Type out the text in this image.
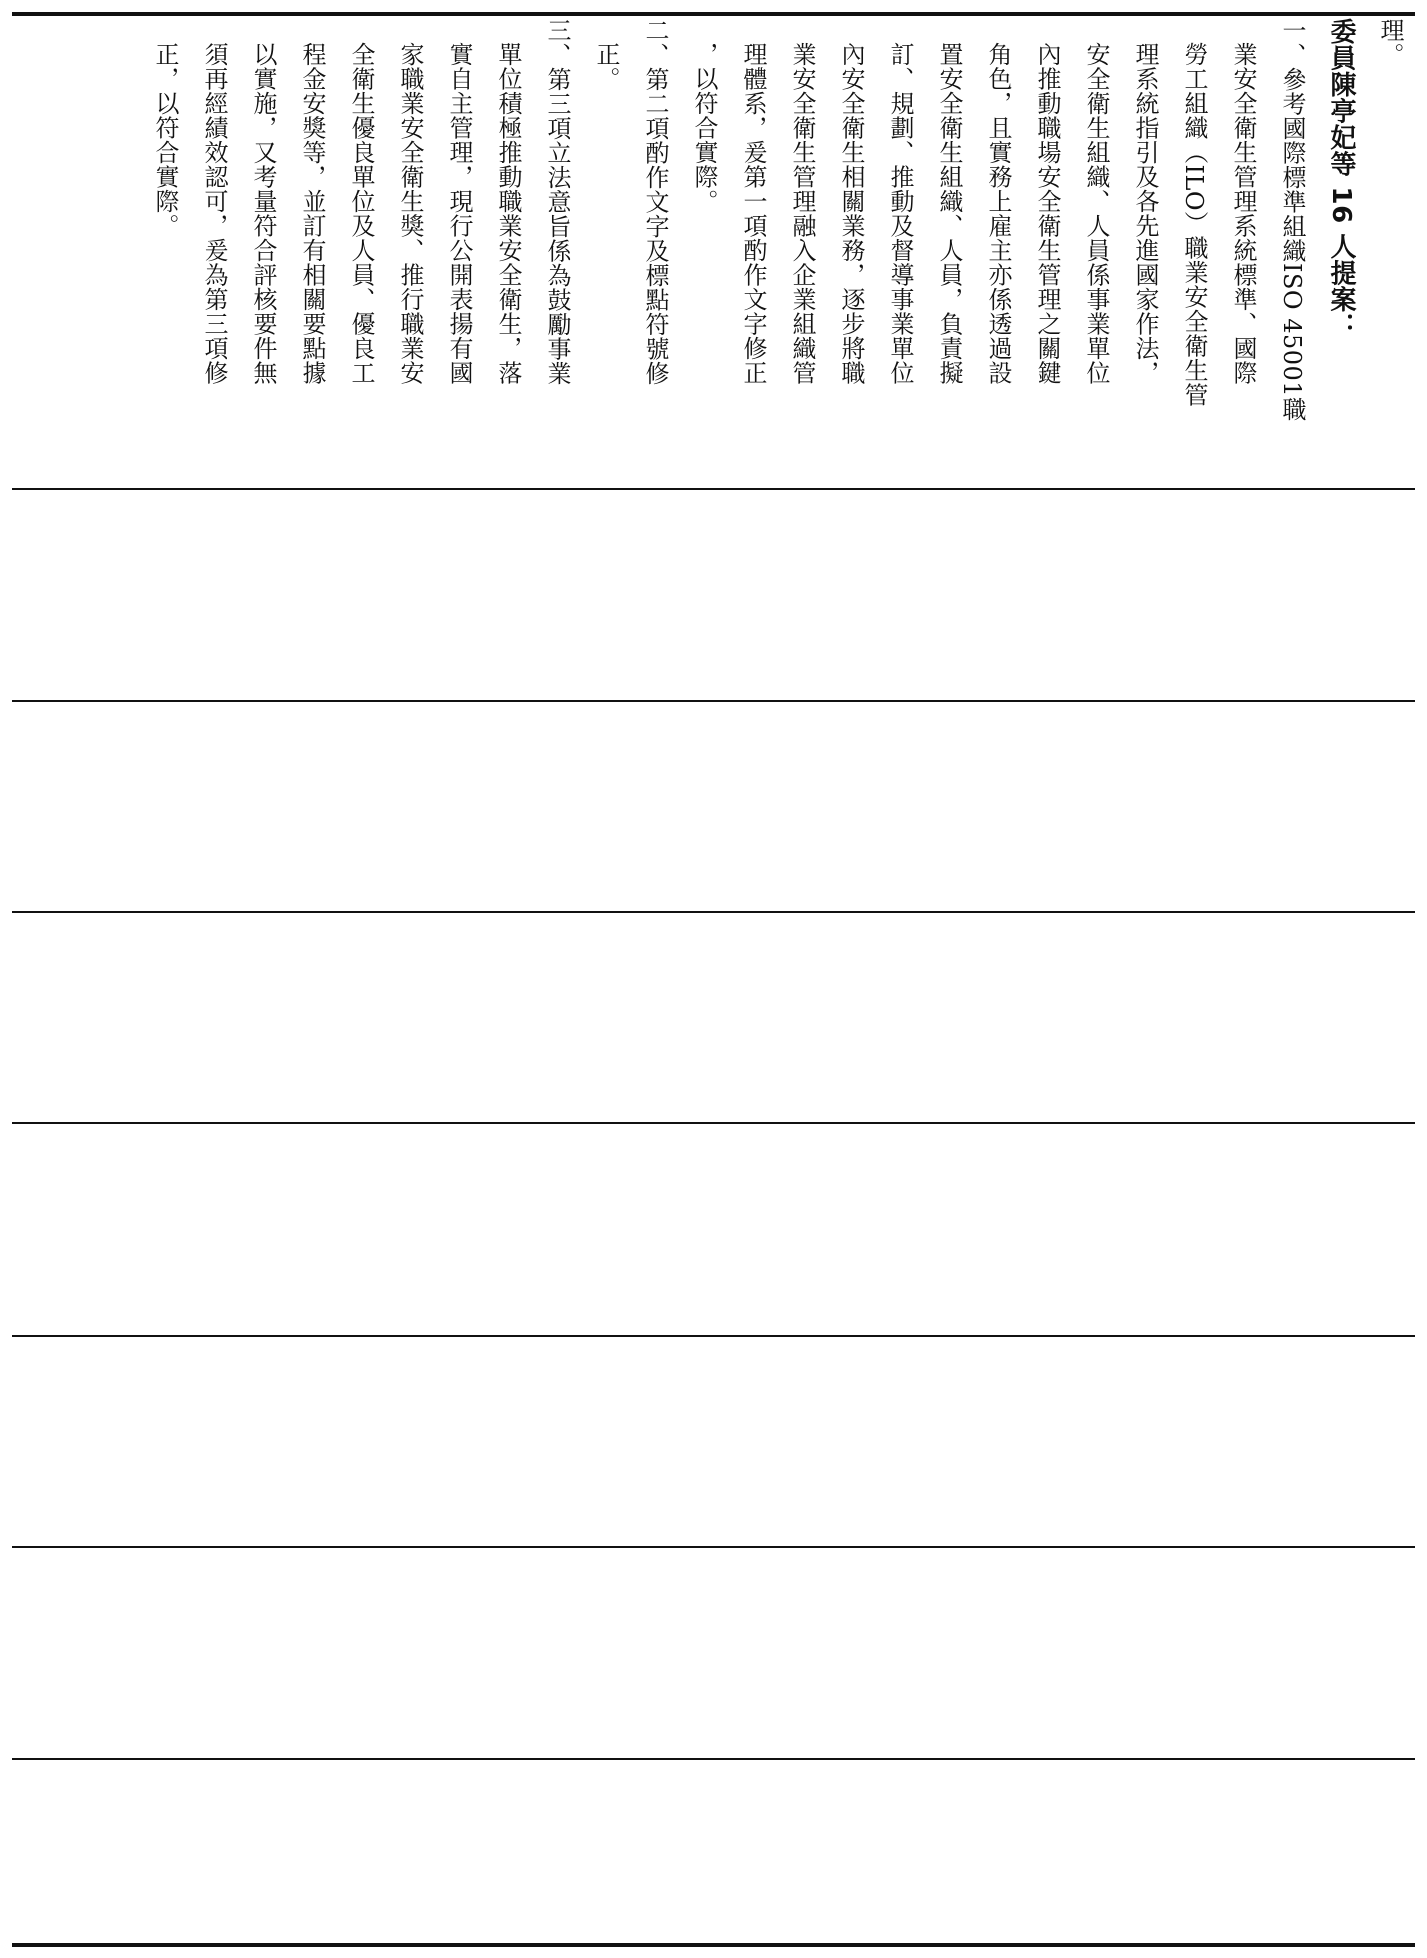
理。
委員陳亭妃等 16 人提案：
一、參考國際標準組織ISO 45001職
業安全衛生管理系統標準、國際
勞工組織（ILO）職業安全衛生管
理系統指引及各先進國家作法，
安全衛生組織、人員係事業單位
內推動職場安全衛生管理之關鍵
角色，且實務上雇主亦係透過設
置安全衛生組織、人員，負責擬
訂、規劃、推動及督導事業單位
內安全衛生相關業務，逐步將職
業安全衛生管理融入企業組織管
理體系，爰第一項酌作文字修正
，以符合實際。
二、第二項酌作文字及標點符號修
正。
三、第三項立法意旨係為鼓勵事業
單位積極推動職業安全衛生，落
實自主管理，現行公開表揚有國
家職業安全衛生獎、推行職業安
全衛生優良單位及人員、優良工
程金安獎等，並訂有相關要點據
以實施，又考量符合評核要件無
須再經績效認可，爰為第三項修
正，以符合實際。
